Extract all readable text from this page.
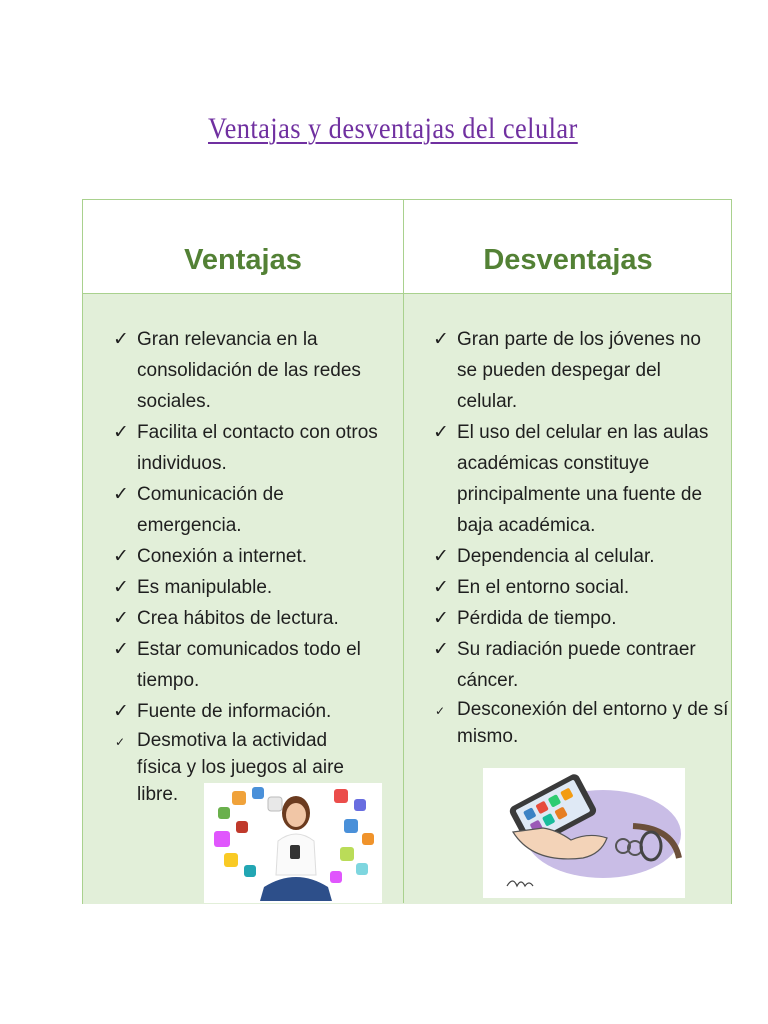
Ventajas y desventajas del celular
Ventajas	Desventajas
✓ Gran relevancia en la consolidación de las redes sociales.
✓ Facilita el contacto con otros individuos.
✓ Comunicación de emergencia.
✓ Conexión a internet.
✓ Es manipulable.
✓ Crea hábitos de lectura.
✓ Estar comunicados todo el tiempo.
✓ Fuente de información.
✓ Desmotiva la actividad física y los juegos al aire libre.
✓ Gran parte de los jóvenes no se pueden despegar del celular.
✓ El uso del celular en las aulas académicas constituye principalmente una fuente de baja académica.
✓ Dependencia al celular.
✓ En el entorno social.
✓ Pérdida de tiempo.
✓ Su radiación puede contraer cáncer.
✓ Desconexión del entorno y de sí mismo.
